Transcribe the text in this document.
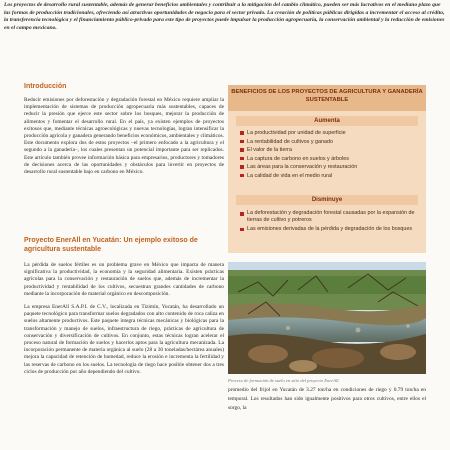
Los proyectos de desarrollo rural sustentable, además de generar beneficios ambientales y contribuir a la mitigación del cambio climático, pueden ser más lucrativos en el mediano plazo que las formas de producción tradicionales, ofreciendo así atractivas oportunidades de negocio para el sector privado. La creación de políticas públicas dirigidas a incrementar el acceso al crédito, la transferencia tecnológica y el financiamiento público-privado para este tipo de proyectos puede impulsar la producción agropecuaria, la conservación ambiental y la reducción de emisiones en el campo mexicano.
Introducción

Reducir emisiones por deforestación y degradación forestal en México requiere ampliar la implementación de sistemas de producción agropecuaria más sustentables, capaces de reducir la presión que ejerce este sector sobre los bosques, mejorar la producción de alimentos y fomentar el desarrollo rural. En el país, ya existen ejemplos de proyectos exitosos que, mediante técnicas agroecológicas y nuevas tecnologías, logran intensificar la producción agrícola y ganadera generando beneficios económicos, ambientales y climáticos. Este documento explora dos de estos proyectos –el primero enfocado a la agricultura y el segundo a la ganadería–, los cuales presentan un potencial importante para ser replicados. Este artículo también provee información básica para empresarios, productores y tomadores de decisiones acerca de las oportunidades y obstáculos para invertir en proyectos de desarrollo rural sustentable bajo en carbono en México.

Proyecto EnerAll en Yucatán: Un ejemplo exitoso de agricultura sustentable

La pérdida de suelos fértiles es un problema grave en México que impacta de manera significativa la productividad, la economía y la seguridad alimentaria. Existen prácticas agrícolas para la conservación y restauración de suelos que, además de incrementar la productividad y rentabilidad de los cultivos, secuestran grandes cantidades de carbono mediante la incorporación de material orgánico en descomposición.

La empresa EnerAll S.A.P.I. de C.V., localizada en Tizimín, Yucatán, ha desarrollado un paquete tecnológico para transformar suelos degradados con alto contenido de roca caliza en suelos altamente productivos. Este paquete integra técnicas mecánicas y biológicas para la transformación y manejo de suelos, infraestructura de riego, prácticas de agricultura de conservación y diversificación de cultivos. En conjunto, estas técnicas logran acelerar el proceso natural de formación de suelos y hacerlos aptos para la agricultura mecanizada. La incorporación permanente de materia orgánica al suelo (28 a 30 toneladas/hectárea anuales) mejora la capacidad de retención de humedad, reduce la erosión e incrementa la fertilidad y las reservas de carbono en los suelos. La tecnología de riego hace posible obtener dos a tres ciclos de producción por año dependiendo del cultivo.

BENEFICIOS DE LOS PROYECTOS DE AGRICULTURA Y GANADERÍA SUSTENTABLE
Aumenta
La productividad por unidad de superficie
La rentabilidad de cultivos y ganado
El valor de la tierra
La captura de carbono en suelos y árboles
Las áreas para la conservación y restauración
La calidad de vida en el medio rural
Disminuye
La deforestación y degradación forestal causadas por la expansión de tierras de cultivo y potreros
Las emisiones derivadas de la pérdida y degradación de los bosques
Proceso de formación de suelo en sitio del proyecto EnerAll.
promedio del frijol en Yucatán de 3.27 ton/ha en condiciones de riego y 0.79 ton/ha en temporal. Los resultados han sido igualmente positivos para otros cultivos, entre ellos el sorgo, la
